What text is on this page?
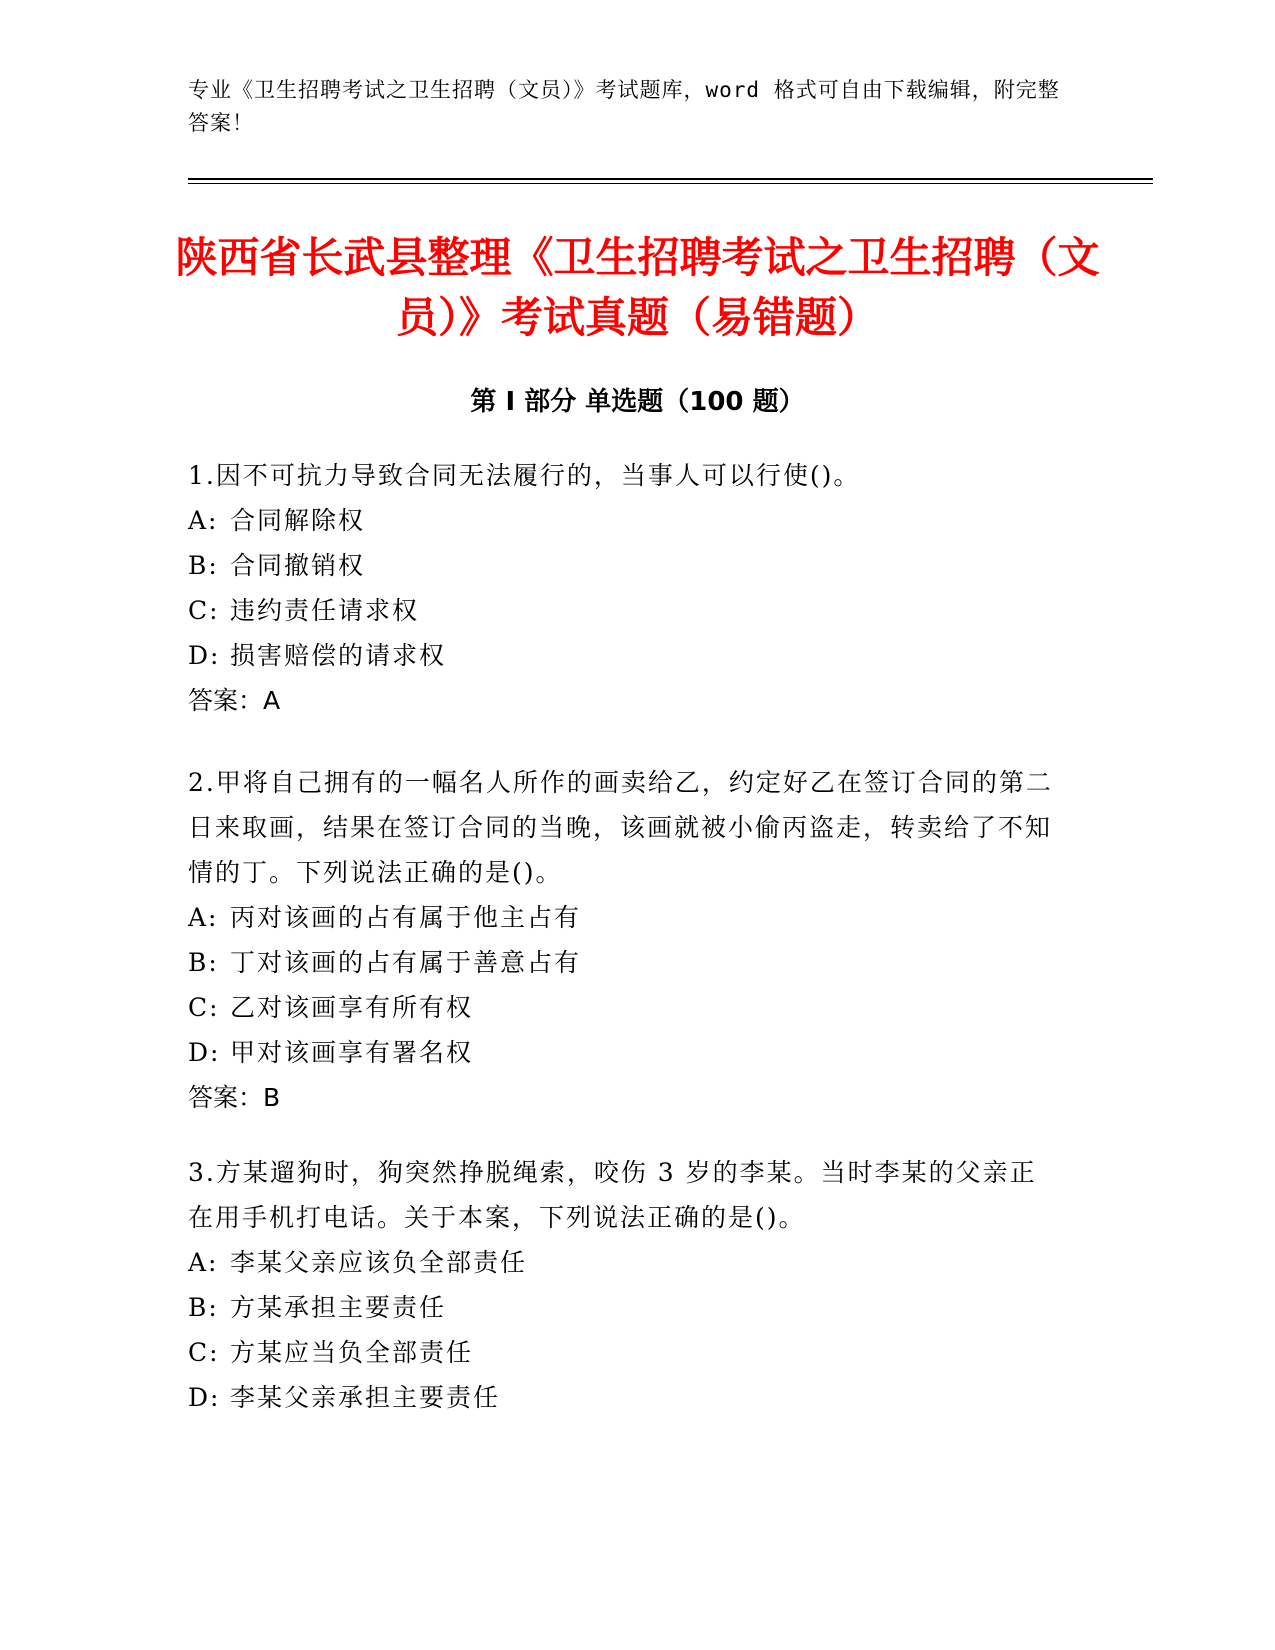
专业《卫生招聘考试之卫生招聘（文员）》考试题库，word 格式可自由下载编辑，附完整答案！

陕西省长武县整理《卫生招聘考试之卫生招聘（文员）》考试真题（易错题）
第 I 部分 单选题（100 题）

1.因不可抗力导致合同无法履行的，当事人可以行使()。

A: 合同解除权

B: 合同撤销权

C: 违约责任请求权

D: 损害赔偿的请求权

答案：A

2.甲将自己拥有的一幅名人所作的画卖给乙，约定好乙在签订合同的第二日来取画，结果在签订合同的当晚，该画就被小偷丙盗走，转卖给了不知情的丁。下列说法正确的是()。

A: 丙对该画的占有属于他主占有

B: 丁对该画的占有属于善意占有

C: 乙对该画享有所有权

D: 甲对该画享有署名权

答案：B

3.方某遛狗时，狗突然挣脱绳索，咬伤 3 岁的李某。当时李某的父亲正在用手机打电话。关于本案，下列说法正确的是()。

A: 李某父亲应该负全部责任

B: 方某承担主要责任

C: 方某应当负全部责任

D: 李某父亲承担主要责任
